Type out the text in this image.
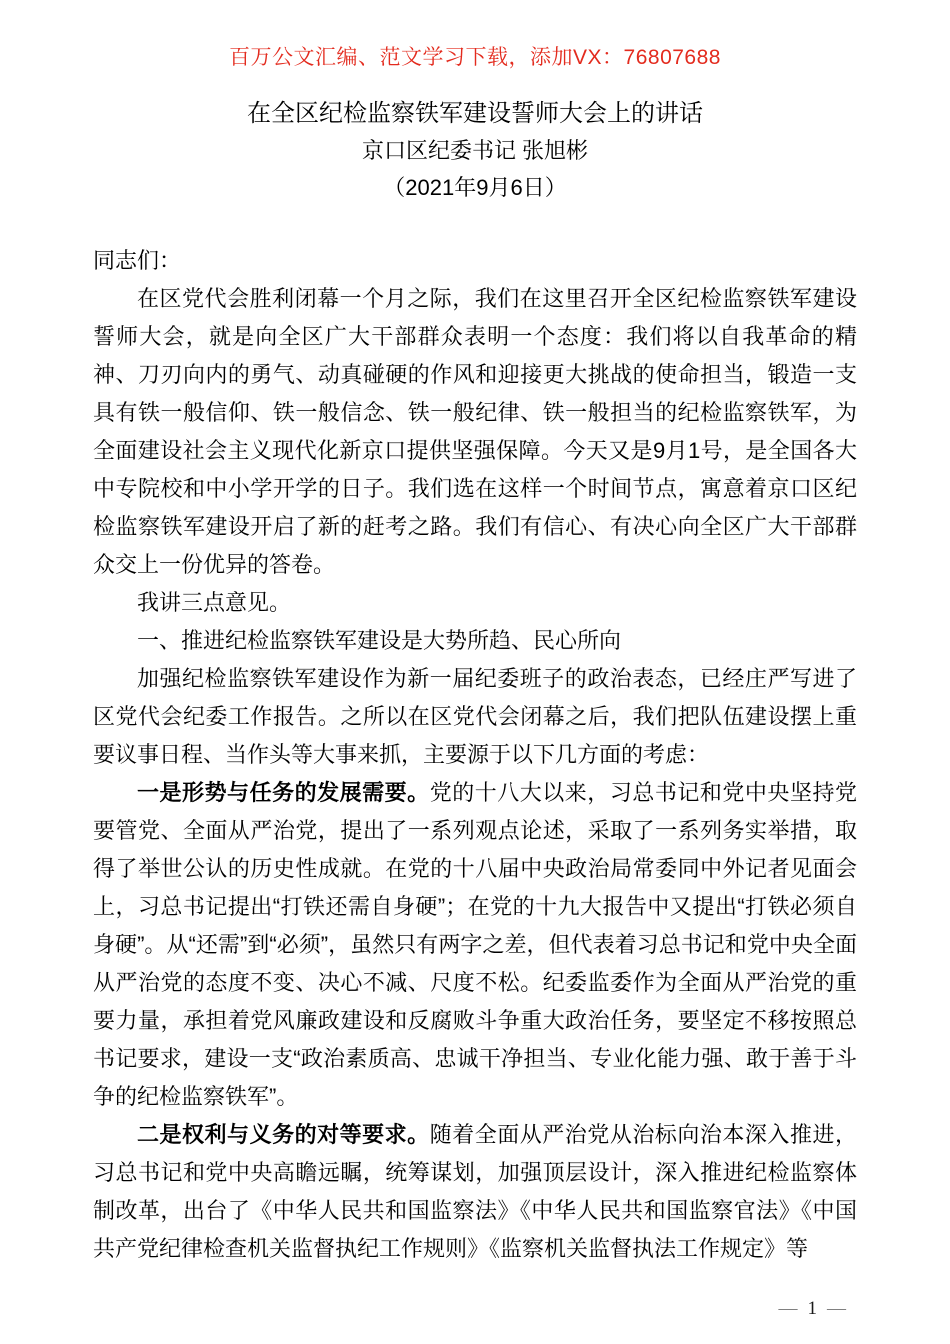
百万公文汇编、范文学习下载，添加VX：76807688
在全区纪检监察铁军建设誓师大会上的讲话
京口区纪委书记 张旭彬
（2021年9月6日）

同志们：

在区党代会胜利闭幕一个月之际，我们在这里召开全区纪检监察铁军建设誓师大会，就是向全区广大干部群众表明一个态度：我们将以自我革命的精神、刀刃向内的勇气、动真碰硬的作风和迎接更大挑战的使命担当，锻造一支具有铁一般信仰、铁一般信念、铁一般纪律、铁一般担当的纪检监察铁军，为全面建设社会主义现代化新京口提供坚强保障。今天又是9月1号，是全国各大中专院校和中小学开学的日子。我们选在这样一个时间节点，寓意着京口区纪检监察铁军建设开启了新的赶考之路。我们有信心、有决心向全区广大干部群众交上一份优异的答卷。

我讲三点意见。

一、推进纪检监察铁军建设是大势所趋、民心所向

加强纪检监察铁军建设作为新一届纪委班子的政治表态，已经庄严写进了区党代会纪委工作报告。之所以在区党代会闭幕之后，我们把队伍建设摆上重要议事日程、当作头等大事来抓，主要源于以下几方面的考虑：

一是形势与任务的发展需要。党的十八大以来，习总书记和党中央坚持党要管党、全面从严治党，提出了一系列观点论述，采取了一系列务实举措，取得了举世公认的历史性成就。在党的十八届中央政治局常委同中外记者见面会上，习总书记提出“打铁还需自身硬”；在党的十九大报告中又提出“打铁必须自身硬”。从“还需”到“必须”，虽然只有两字之差，但代表着习总书记和党中央全面从严治党的态度不变、决心不减、尺度不松。纪委监委作为全面从严治党的重要力量，承担着党风廉政建设和反腐败斗争重大政治任务，要坚定不移按照总书记要求，建设一支“政治素质高、忠诚干净担当、专业化能力强、敢于善于斗争的纪检监察铁军”。

二是权利与义务的对等要求。随着全面从严治党从治标向治本深入推进，习总书记和党中央高瞻远瞩，统筹谋划，加强顶层设计，深入推进纪检监察体制改革，出台了《中华人民共和国监察法》《中华人民共和国监察官法》《中国共产党纪律检查机关监督执纪工作规则》《监察机关监督执法工作规定》等

— 1 —
